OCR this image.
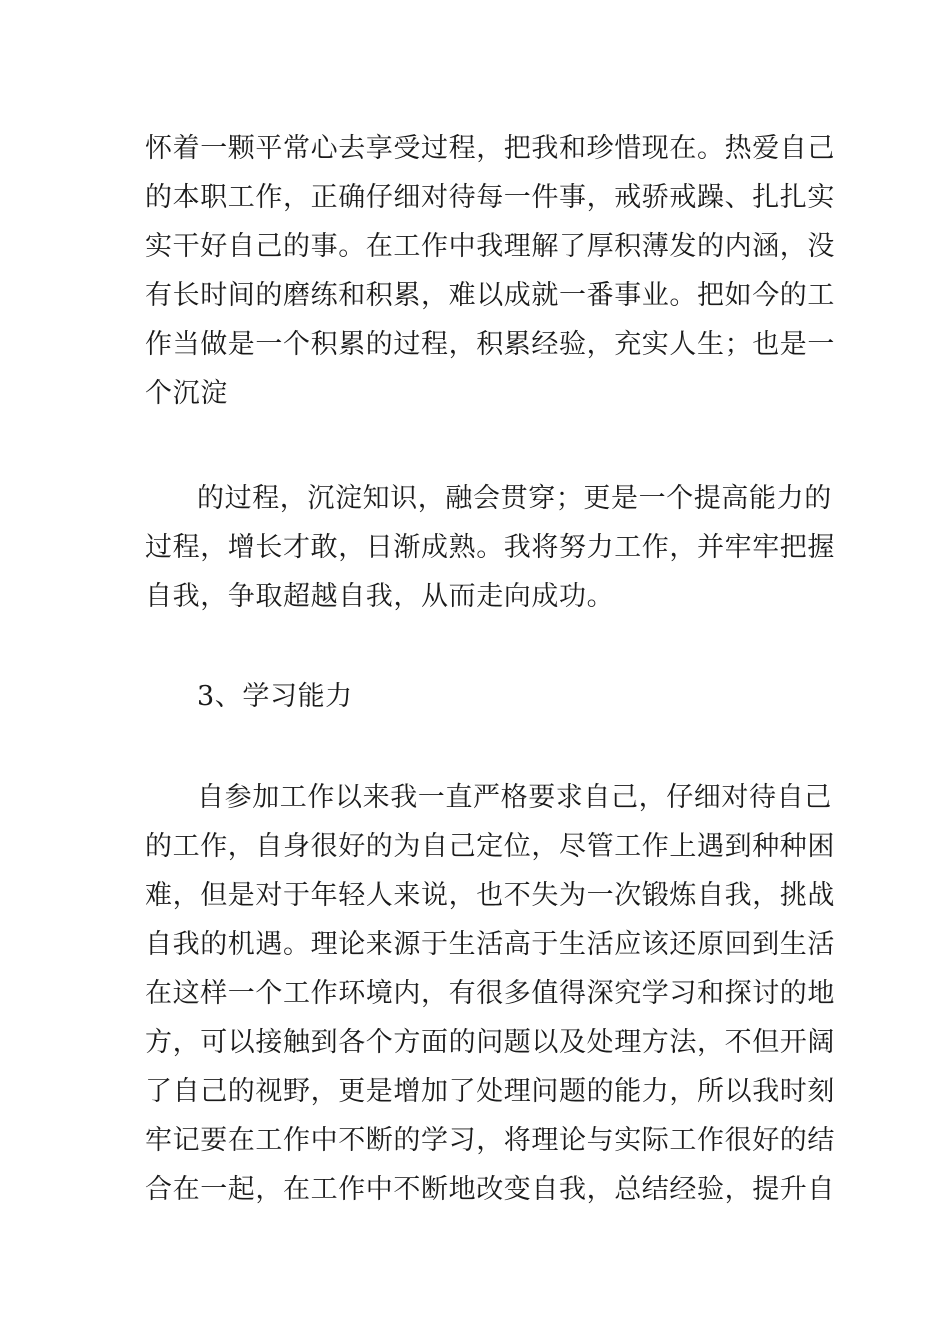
怀着一颗平常心去享受过程，把我和珍惜现在。热爱自己
的本职工作，正确仔细对待每一件事，戒骄戒躁、扎扎实
实干好自己的事。在工作中我理解了厚积薄发的内涵，没
有长时间的磨练和积累，难以成就一番事业。把如今的工
作当做是一个积累的过程，积累经验，充实人生；也是一
个沉淀
的过程，沉淀知识，融会贯穿；更是一个提高能力的
过程，增长才敢，日渐成熟。我将努力工作，并牢牢把握
自我，争取超越自我，从而走向成功。
3、学习能力
自参加工作以来我一直严格要求自己，仔细对待自己
的工作，自身很好的为自己定位，尽管工作上遇到种种困
难，但是对于年轻人来说，也不失为一次锻炼自我，挑战
自我的机遇。理论来源于生活高于生活应该还原回到生活
在这样一个工作环境内，有很多值得深究学习和探讨的地
方，可以接触到各个方面的问题以及处理方法，不但开阔
了自己的视野，更是增加了处理问题的能力，所以我时刻
牢记要在工作中不断的学习，将理论与实际工作很好的结
合在一起，在工作中不断地改变自我，总结经验，提升自
